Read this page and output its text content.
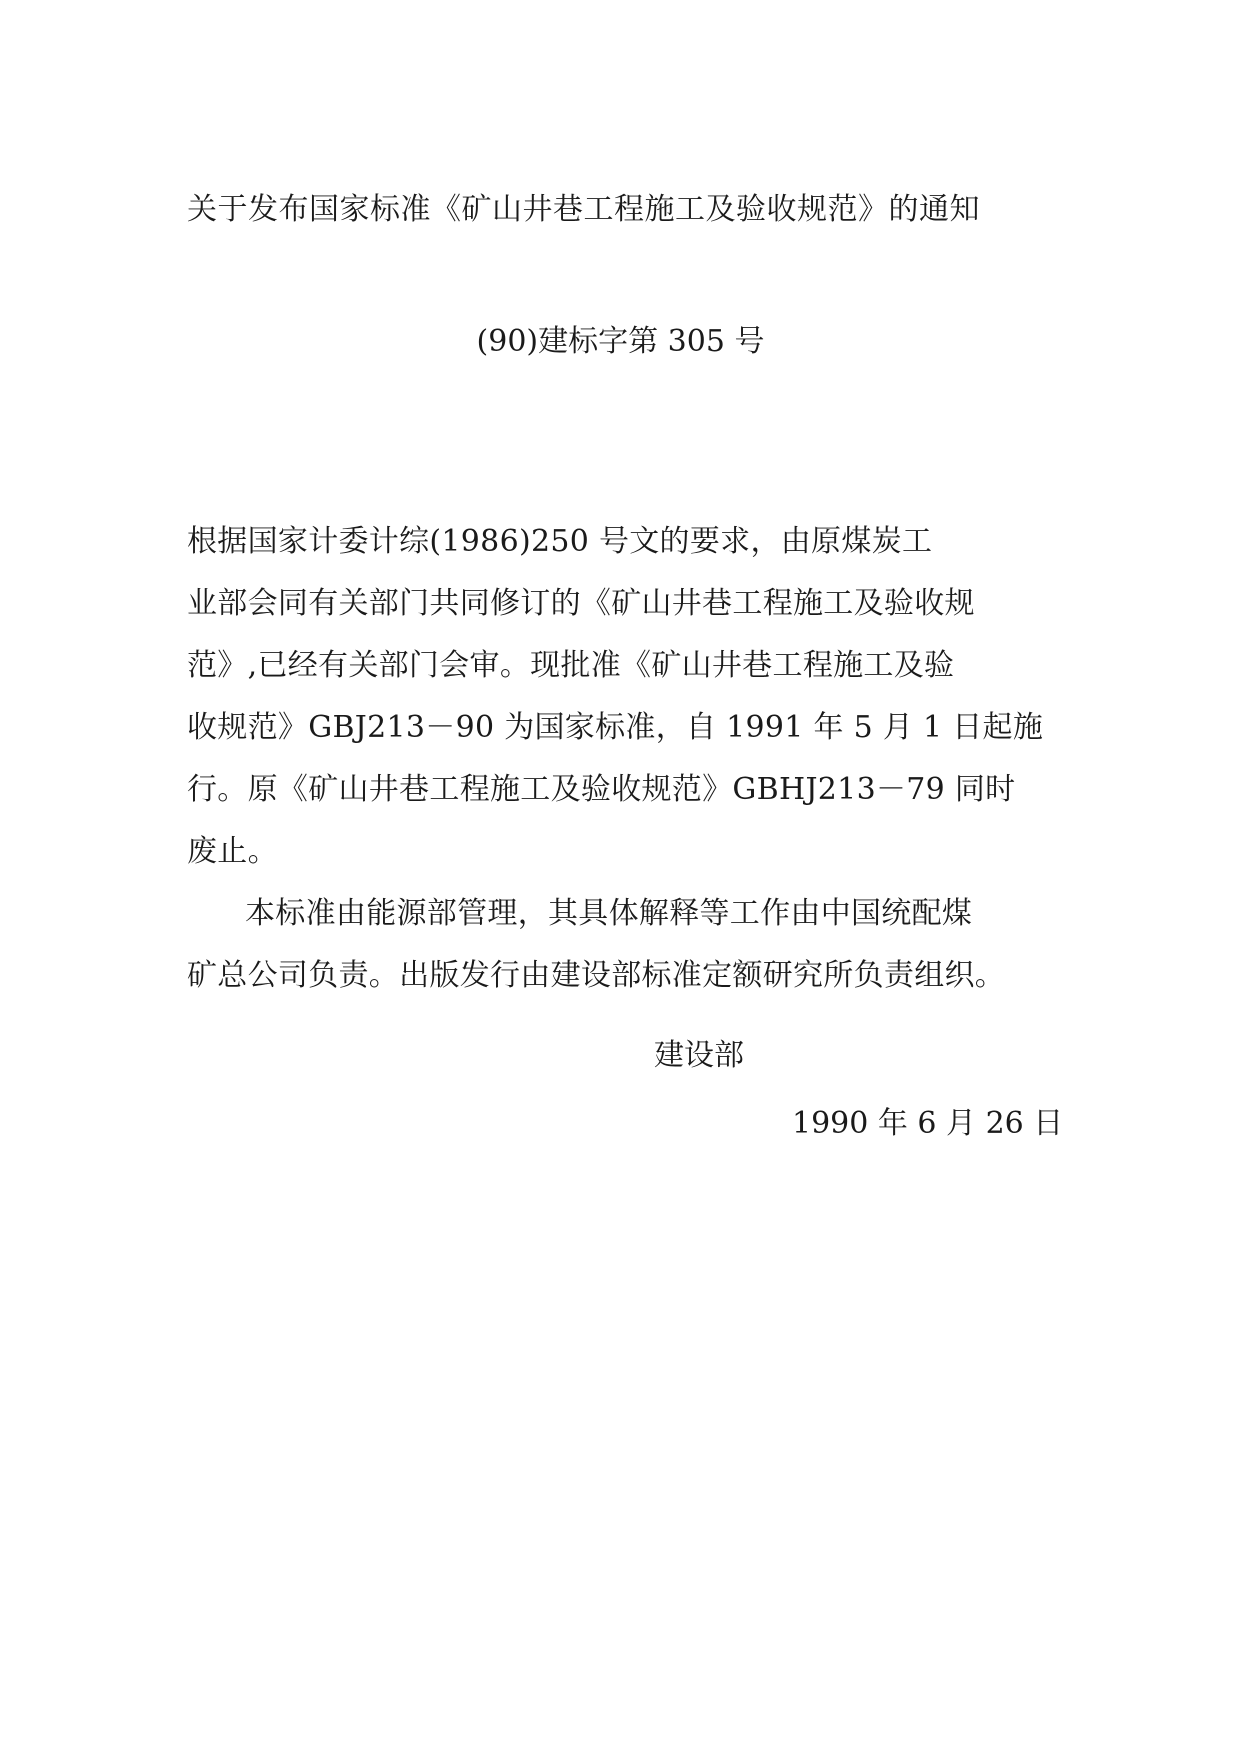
关于发布国家标准《矿山井巷工程施工及验收规范》的通知
(90)建标字第 305 号
根据国家计委计综(1986)250 号文的要求，由原煤炭工
业部会同有关部门共同修订的《矿山井巷工程施工及验收规
范》,已经有关部门会审。现批准《矿山井巷工程施工及验
收规范》GBJ213－90 为国家标准，自 1991 年 5 月 1 日起施
行。原《矿山井巷工程施工及验收规范》GBHJ213－79 同时
废止。
本标准由能源部管理，其具体解释等工作由中国统配煤
矿总公司负责。出版发行由建设部标准定额研究所负责组织。
建设部
1990 年 6 月 26 日
